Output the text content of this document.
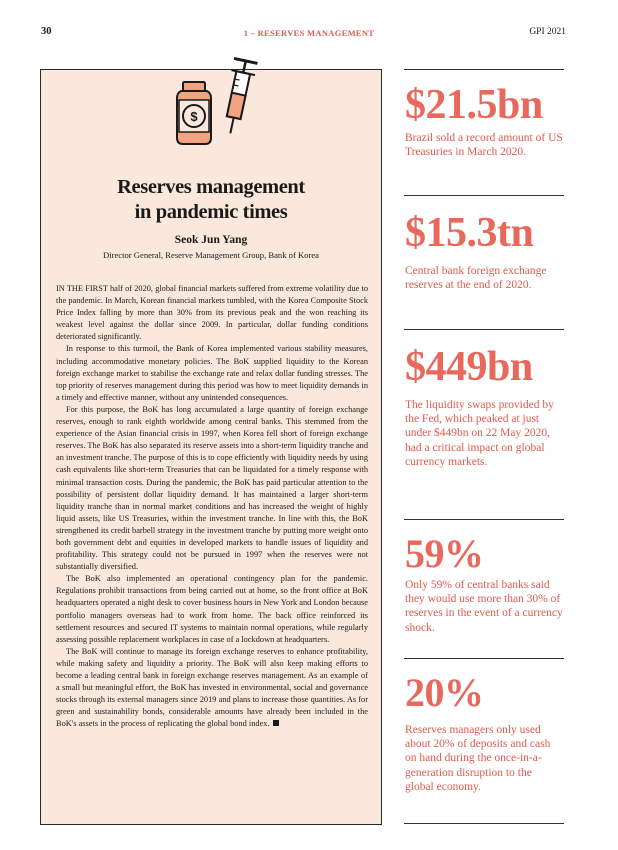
30	1 – RESERVES MANAGEMENT	GPI 2021
$
Reserves management
in pandemic times
Seok Jun Yang
Director General, Reserve Management Group, Bank of Korea

IN THE FIRST half of 2020, global financial markets suffered from extreme volatility due to the pandemic. In March, Korean financial markets tumbled, with the Korea Composite Stock Price Index falling by more than 30% from its previous peak and the won reaching its weakest level against the dollar since 2009. In particular, dollar funding conditions deteriorated significantly.

In response to this turmoil, the Bank of Korea implemented various stability measures, including accommodative monetary policies. The BoK supplied liquidity to the Korean foreign exchange market to stabilise the exchange rate and relax dollar funding stresses. The top priority of reserves management during this period was how to meet liquidity demands in a timely and effective manner, without any unintended consequences.

For this purpose, the BoK has long accumulated a large quantity of foreign exchange reserves, enough to rank eighth worldwide among central banks. This stemmed from the experience of the Asian financial crisis in 1997, when Korea fell short of foreign exchange reserves. The BoK has also separated its reserve assets into a short-term liquidity tranche and an investment tranche. The purpose of this is to cope efficiently with liquidity needs by using cash equivalents like short-term Treasuries that can be liquidated for a timely response with minimal transaction costs. During the pandemic, the BoK has paid particular attention to the possibility of persistent dollar liquidity demand. It has maintained a larger short-term liquidity tranche than in normal market conditions and has increased the weight of highly liquid assets, like US Treasuries, within the investment tranche. In line with this, the BoK strengthened its credit barbell strategy in the investment tranche by putting more weight onto both government debt and equities in developed markets to handle issues of liquidity and profitability. This strategy could not be pursued in 1997 when the reserves were not substantially diversified.

The BoK also implemented an operational contingency plan for the pandemic. Regulations prohibit transactions from being carried out at home, so the front office at BoK headquarters operated a night desk to cover business hours in New York and London because portfolio managers overseas had to work from home. The back office reinforced its settlement resources and secured IT systems to maintain normal operations, while regularly assessing possible replacement workplaces in case of a lockdown at headquarters.

The BoK will continue to manage its foreign exchange reserves to enhance profitability, while making safety and liquidity a priority. The BoK will also keep making efforts to become a leading central bank in foreign exchange reserves management. As an example of a small but meaningful effort, the BoK has invested in environmental, social and governance stocks through its external managers since 2019 and plans to increase those quantities. As for green and sustainability bonds, considerable amounts have already been included in the BoK's assets in the process of replicating the global bond index.

$21.5bn
Brazil sold a record amount of US Treasuries in March 2020.
$15.3tn
Central bank foreign exchange reserves at the end of 2020.
$449bn
The liquidity swaps provided by the Fed, which peaked at just under $449bn on 22 May 2020, had a critical impact on global currency markets.
59%
Only 59% of central banks said they would use more than 30% of reserves in the event of a currency shock.
20%
Reserves managers only used about 20% of deposits and cash on hand during the once-in-a-generation disruption to the global economy.
